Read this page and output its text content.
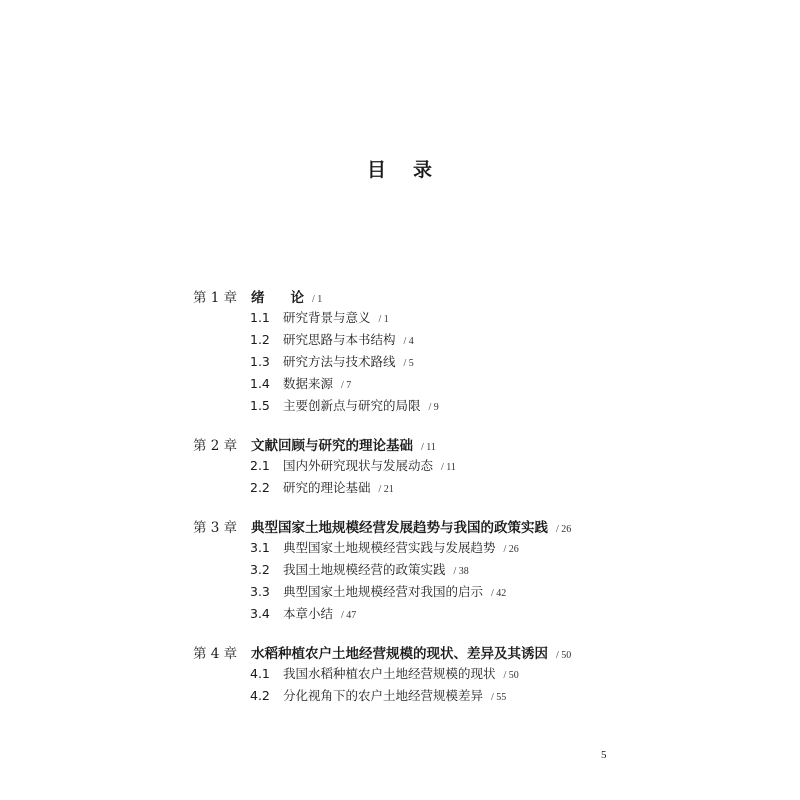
目 录
第 1 章	绪 论	/ 1
1.1	研究背景与意义	/ 1
1.2	研究思路与本书结构	/ 4
1.3	研究方法与技术路线	/ 5
1.4	数据来源	/ 7
1.5	主要创新点与研究的局限	/ 9
第 2 章	文献回顾与研究的理论基础	/ 11
2.1	国内外研究现状与发展动态	/ 11
2.2	研究的理论基础	/ 21
第 3 章	典型国家土地规模经营发展趋势与我国的政策实践	/ 26
3.1	典型国家土地规模经营实践与发展趋势	/ 26
3.2	我国土地规模经营的政策实践	/ 38
3.3	典型国家土地规模经营对我国的启示	/ 42
3.4	本章小结	/ 47
第 4 章	水稻种植农户土地经营规模的现状、差异及其诱因	/ 50
4.1	我国水稻种植农户土地经营规模的现状	/ 50
4.2	分化视角下的农户土地经营规模差异	/ 55
5
